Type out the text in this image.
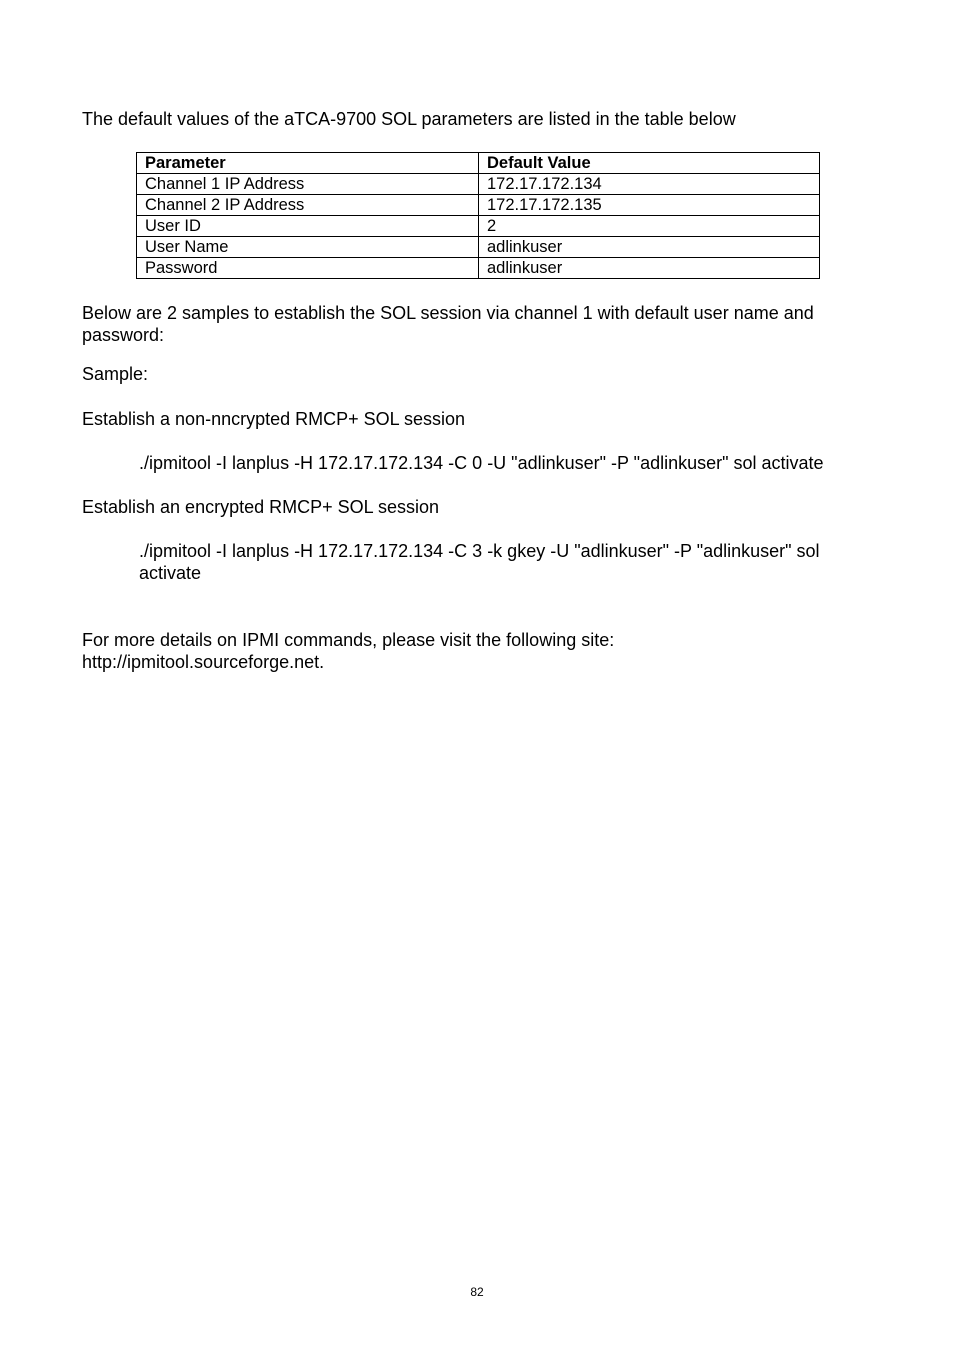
The default values of the aTCA-9700 SOL parameters are listed in the table below

Parameter	Default Value
Channel 1 IP Address	172.17.172.134
Channel 2 IP Address	172.17.172.135
User ID	2
User Name	adlinkuser
Password	adlinkuser

Below are 2 samples to establish the SOL session via channel 1 with default user name and password:

Sample:

Establish a non-nncrypted RMCP+ SOL session

./ipmitool -I lanplus -H 172.17.172.134 -C 0 -U "adlinkuser" -P "adlinkuser" sol activate

Establish an encrypted RMCP+ SOL session

./ipmitool -I lanplus -H 172.17.172.134 -C 3 -k gkey -U "adlinkuser" -P "adlinkuser" sol activate

For more details on IPMI commands, please visit the following site:
http://ipmitool.sourceforge.net.

82
